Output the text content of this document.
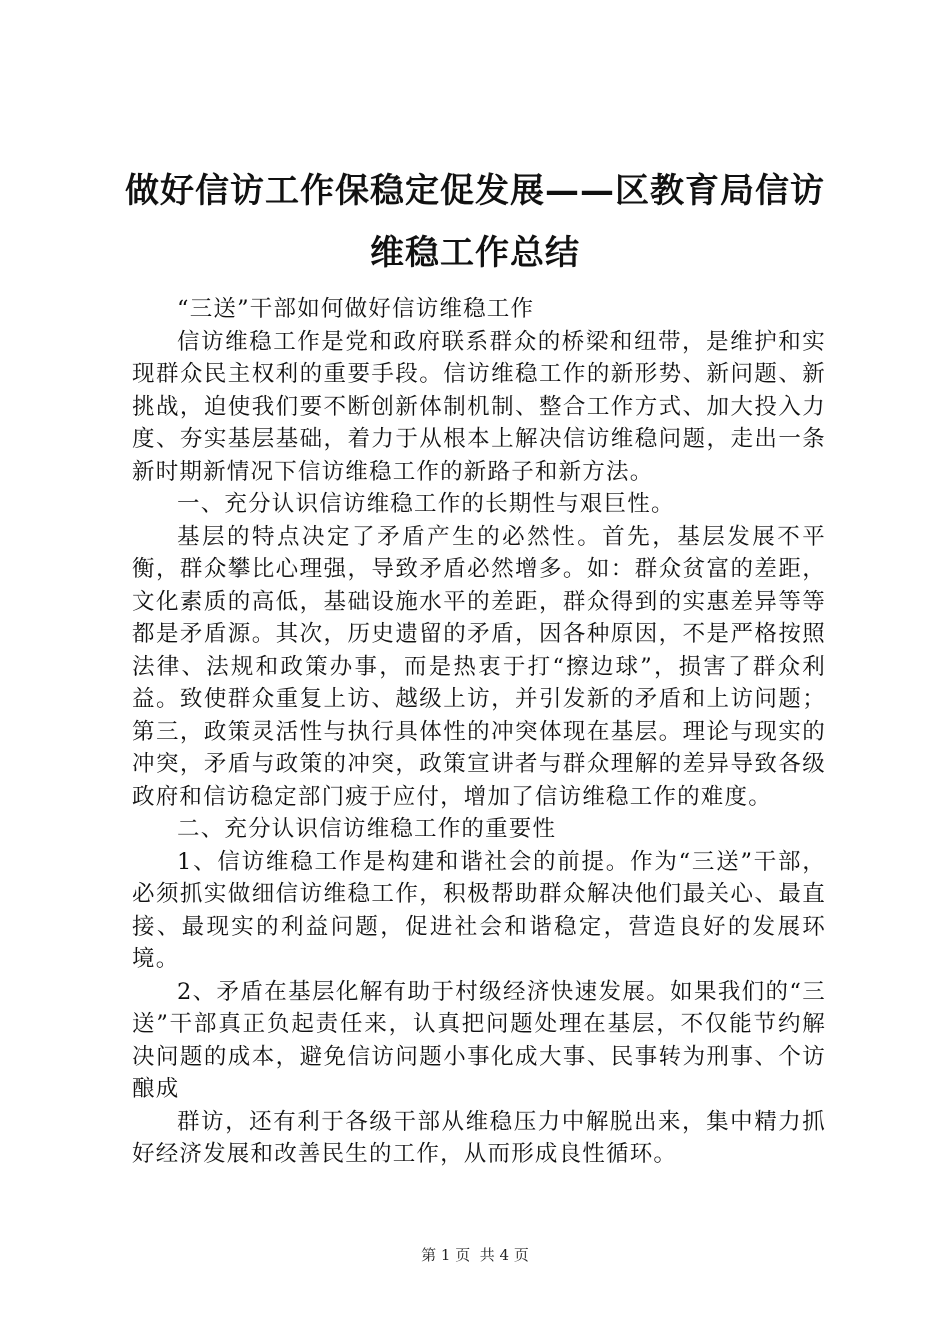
做好信访工作保稳定促发展——区教育局信访
维稳工作总结

“三送”干部如何做好信访维稳工作

信访维稳工作是党和政府联系群众的桥梁和纽带，是维护和实现群众民主权利的重要手段。信访维稳工作的新形势、新问题、新挑战，迫使我们要不断创新体制机制、整合工作方式、加大投入力度、夯实基层基础，着力于从根本上解决信访维稳问题，走出一条新时期新情况下信访维稳工作的新路子和新方法。

一、充分认识信访维稳工作的长期性与艰巨性。

基层的特点决定了矛盾产生的必然性。首先，基层发展不平衡，群众攀比心理强，导致矛盾必然增多。如：群众贫富的差距，文化素质的高低，基础设施水平的差距，群众得到的实惠差异等等都是矛盾源。其次，历史遗留的矛盾，因各种原因，不是严格按照法律、法规和政策办事，而是热衷于打“擦边球”，损害了群众利益。致使群众重复上访、越级上访，并引发新的矛盾和上访问题；第三，政策灵活性与执行具体性的冲突体现在基层。理论与现实的冲突，矛盾与政策的冲突，政策宣讲者与群众理解的差异导致各级政府和信访稳定部门疲于应付，增加了信访维稳工作的难度。

二、充分认识信访维稳工作的重要性

1、信访维稳工作是构建和谐社会的前提。作为“三送”干部，必须抓实做细信访维稳工作，积极帮助群众解决他们最关心、最直接、最现实的利益问题，促进社会和谐稳定，营造良好的发展环境。

2、矛盾在基层化解有助于村级经济快速发展。如果我们的“三送”干部真正负起责任来，认真把问题处理在基层，不仅能节约解决问题的成本，避免信访问题小事化成大事、民事转为刑事、个访酿成

群访，还有利于各级干部从维稳压力中解脱出来，集中精力抓好经济发展和改善民生的工作，从而形成良性循环。

第 1 页  共 4 页
